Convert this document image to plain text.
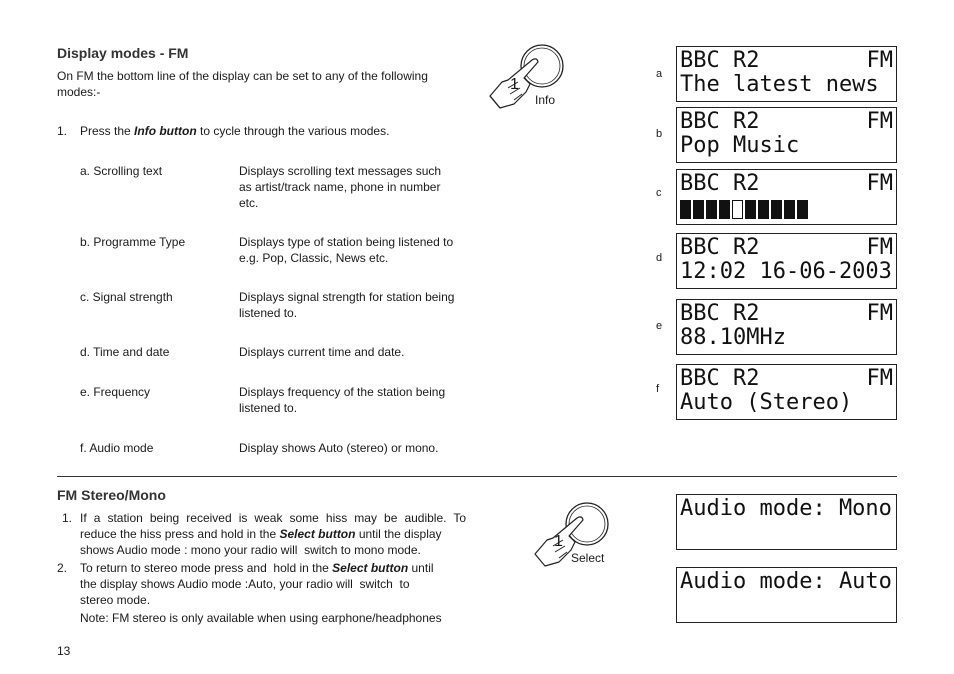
Display modes - FM
On FM the bottom line of the display can be set to any of the following
modes:-
1. Press the Info button to cycle through the various modes.
a. Scrolling text	Displays scrolling text messages such
as artist/track name, phone in number
etc.
b. Programme Type	Displays type of station being listened to
e.g. Pop, Classic, News etc.
c. Signal strength	Displays signal strength for station being
listened to.
d. Time and date	Displays current time and date.
e. Frequency	Displays frequency of the station being
listened to.
f. Audio mode	Display shows Auto (stereo) or mono.
1
Info
a
BBC R2	FM
The latest news
b BBC R2	FM
Pop Music
c BBC R2	FM
d BBC R2	FM
12:02 16-06-2003
e BBC R2	FM
88.10MHz
f BBC R2	FM
Auto (Stereo)
FM Stereo/Mono
1. If a station being received is weak some hiss may be audible. To
reduce the hiss press and hold in the Select button until the display
shows Audio mode : mono your radio will  switch to mono mode.
2. To return to stereo mode press and  hold in the Select button until
the display shows Audio mode :Auto, your radio will  switch  to
stereo mode.
Note: FM stereo is only available when using earphone/headphones
1
Select
Audio mode: Mono
Audio mode: Auto
13
